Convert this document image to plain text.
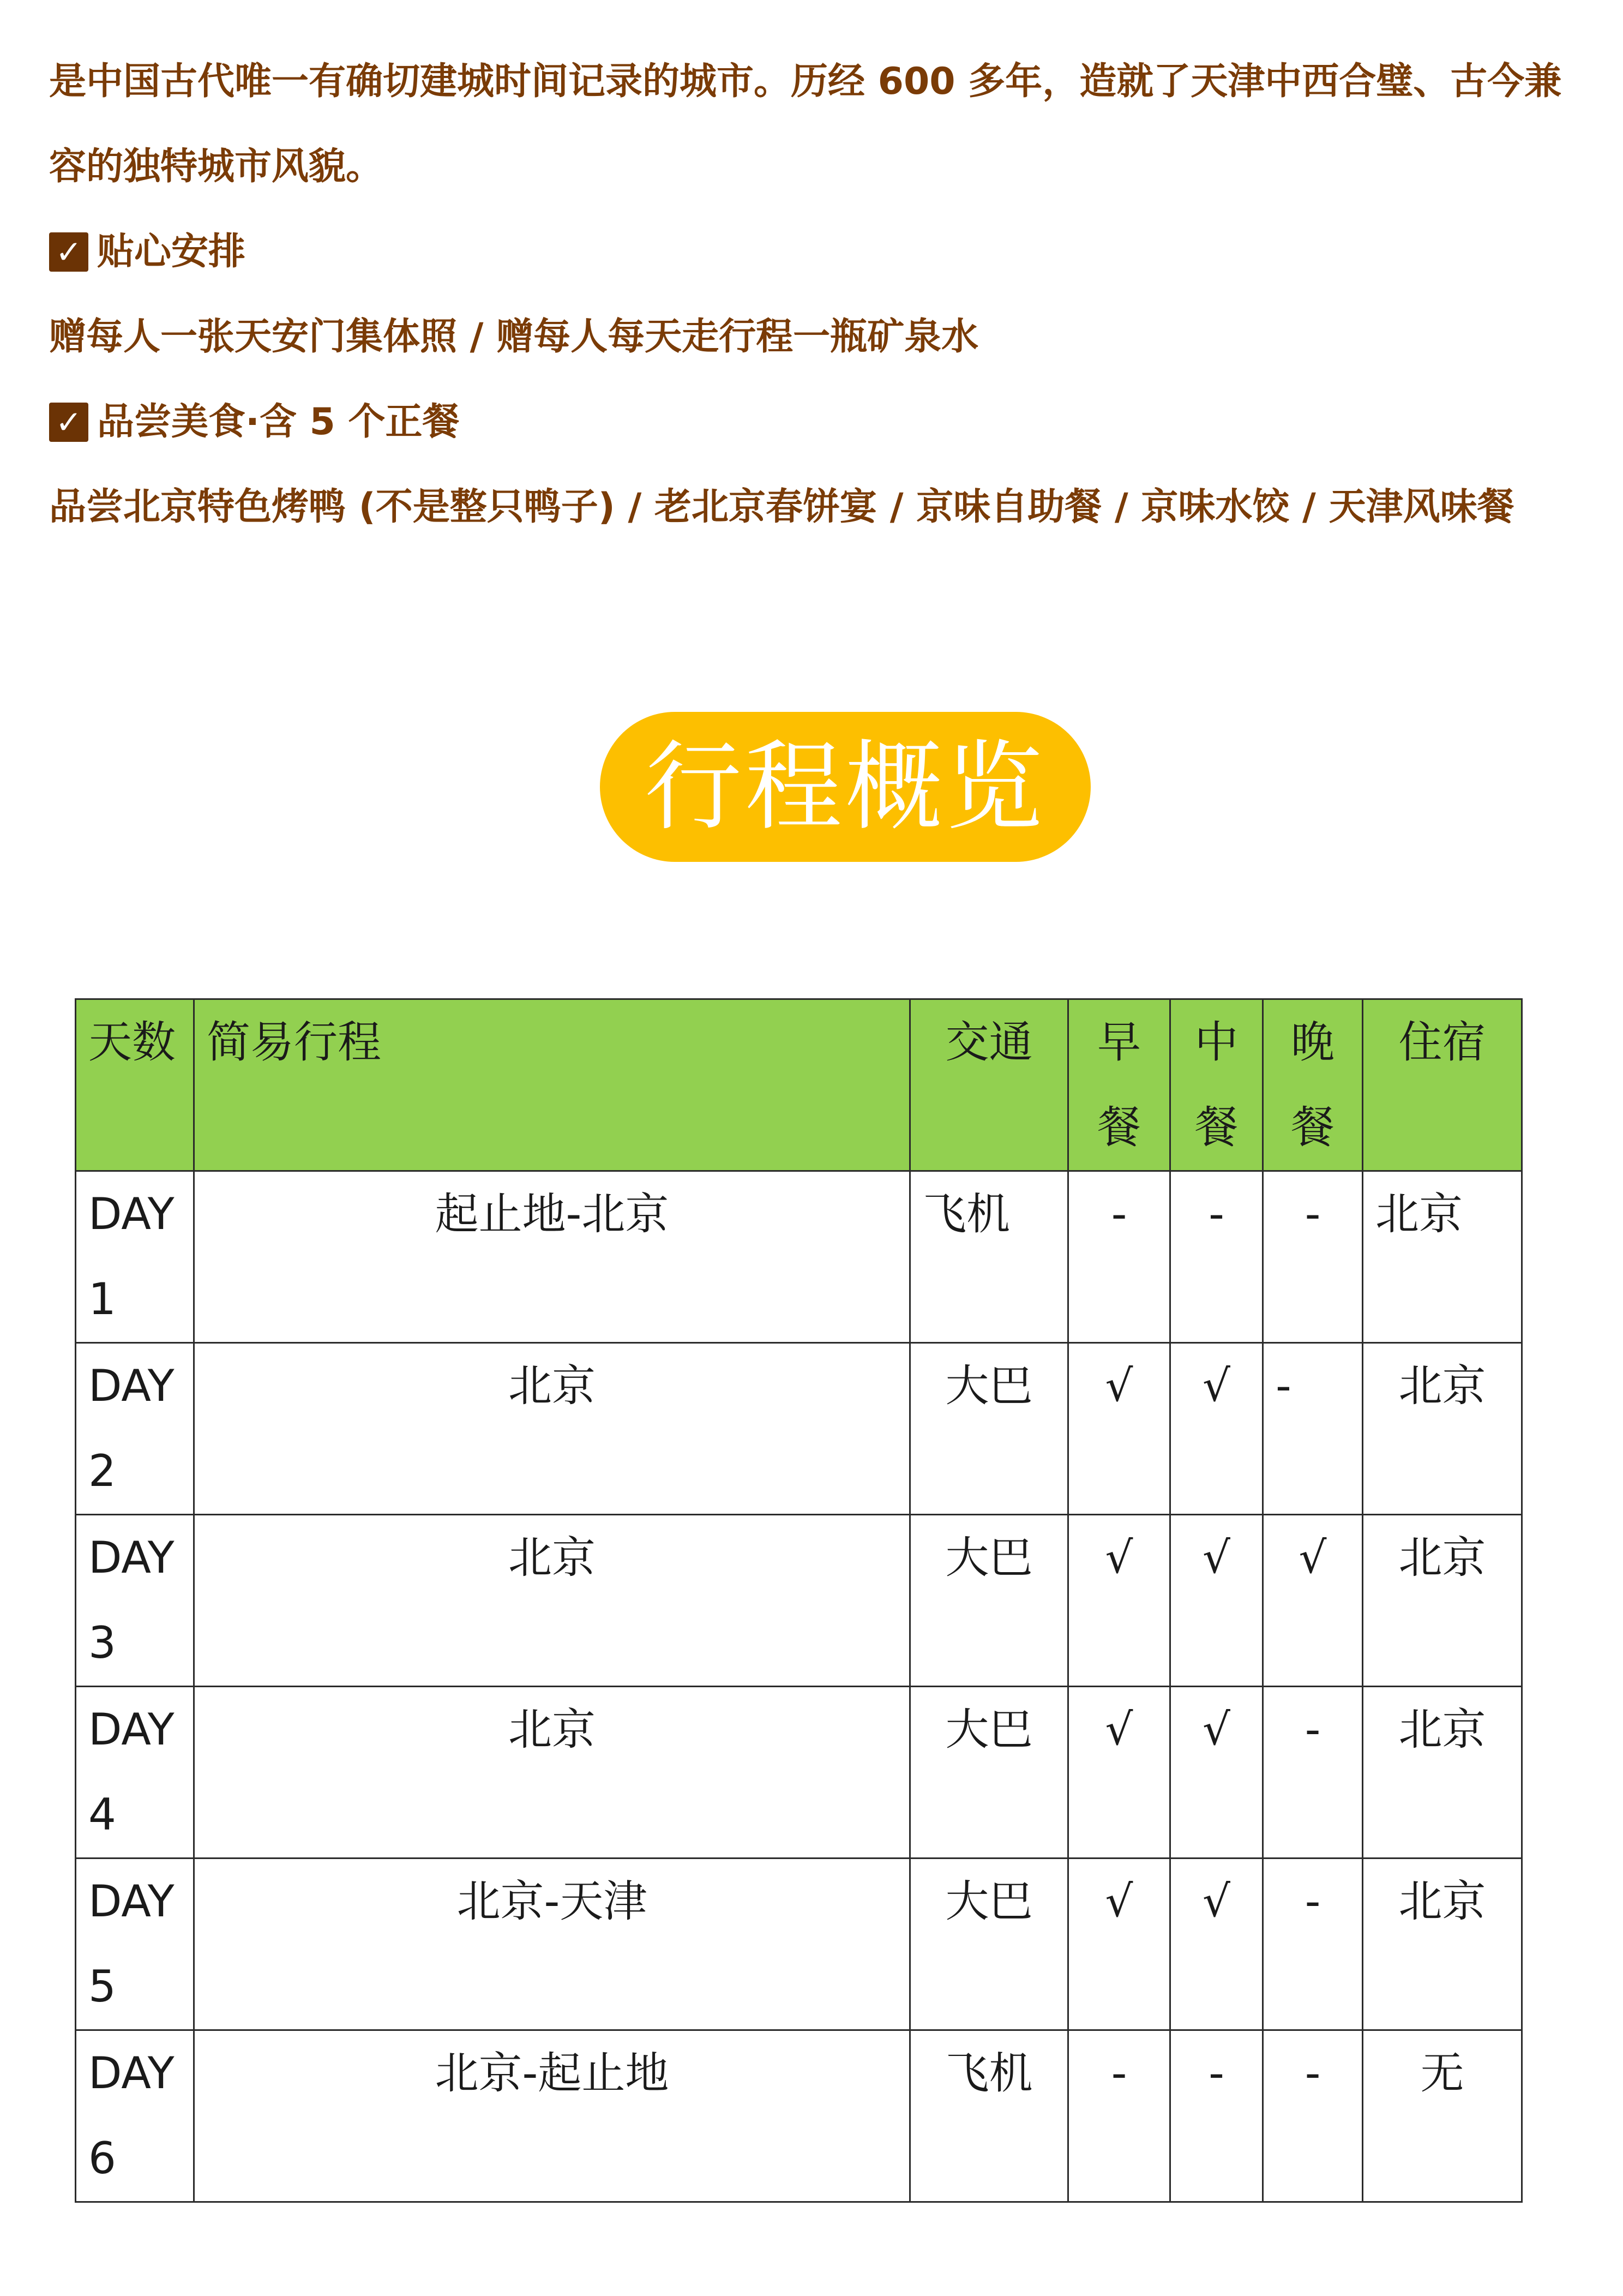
是中国古代唯一有确切建城时间记录的城市。历经 600 多年，造就了天津中西合璧、古今兼容的独特城市风貌。

✓ 贴心安排

赠每人一张天安门集体照 / 赠每人每天走行程一瓶矿泉水

✓ 品尝美食·含 5 个正餐

品尝北京特色烤鸭 (不是整只鸭子) / 老北京春饼宴 / 京味自助餐 / 京味水饺 / 天津风味餐

行程概览
天数	简易行程	交通	早餐	中餐	晚餐	住宿
DAY1	起止地-北京	飞机	-	-	-	北京
DAY2	北京	大巴	√	√	-	北京
DAY3	北京	大巴	√	√	√	北京
DAY4	北京	大巴	√	√	-	北京
DAY5	北京-天津	大巴	√	√	-	北京
DAY6	北京-起止地	飞机	-	-	-	无
